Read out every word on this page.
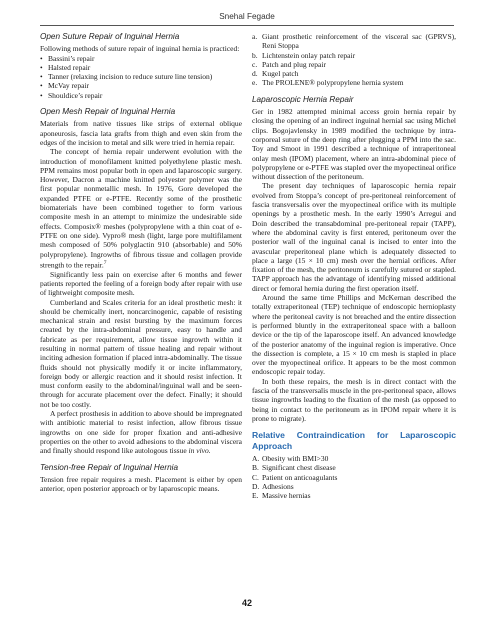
Snehal Fegade
Open Suture Repair of Inguinal Hernia

Following methods of suture repair of inguinal hernia is practiced:

• Bassini’s repair
• Halsted repair
• Tanner (relaxing incision to reduce suture line tension)
• McVay repair
• Shouldice’s repair
Open Mesh Repair of Inguinal Hernia

Materials from native tissues like strips of external oblique aponeurosis, fascia lata grafts from thigh and even skin from the edges of the incision to metal and silk were tried in hernia repair.

The concept of hernia repair underwent evolution with the introduction of monofilament knitted polyethylene plastic mesh. PPM remains most popular both in open and laparoscopic surgery. However, Dacron a machine knitted polyester polymer was the first popular nonmetallic mesh. In 1976, Gore developed the expanded PTFE or e-PTFE. Recently some of the prosthetic biomaterials have been combined together to form various composite mesh in an attempt to minimize the undesirable side effects. Composix® meshes (polypropylene with a thin coat of e-PTFE on one side). Vypro® mesh (light, large pore multifilament mesh composed of 50% polyglactin 910 (absorbable) and 50% polypropylene). Ingrowths of fibrous tissue and collagen provide strength to the repair.$^7$

Significantly less pain on exercise after 6 months and fewer patients reported the feeling of a foreign body after repair with use of lightweight composite mesh.

Cumberland and Scales criteria for an ideal prosthetic mesh: it should be chemically inert, noncarcinogenic, capable of resisting mechanical strain and resist bursting by the maximum forces created by the intra-abdominal pressure, easy to handle and fabricate as per requirement, allow tissue ingrowth within it resulting in normal pattern of tissue healing and repair without inciting adhesion formation if placed intra-abdominally. The tissue fluids should not physically modify it or incite inflammatory, foreign body or allergic reaction and it should resist infection. It must conform easily to the abdominal/inguinal wall and be seen-through for accurate placement over the defect. Finally; it should not be too costly.

A perfect prosthesis in addition to above should be impregnated with antibiotic material to resist infection, allow fibrous tissue ingrowths on one side for proper fixation and anti-adhesive properties on the other to avoid adhesions to the abdominal viscera and finally should respond like autologous tissue in vivo.

Tension-free Repair of Inguinal Hernia

Tension free repair requires a mesh. Placement is either by open anterior, open posterior approach or by laparoscopic means.

a. Giant prosthetic reinforcement of the visceral sac (GPRVS), Reni Stoppa
b. Lichtenstein onlay patch repair
c. Patch and plug repair
d. Kugel patch
e. The PROLENE® polypropylene hernia system
Laparoscopic Hernia Repair

Ger in 1982 attempted minimal access groin hernia repair by closing the opening of an indirect inguinal hernial sac using Michel clips. Bogojavlensky in 1989 modified the technique by intra-corporeal suture of the deep ring after plugging a PPM into the sac. Toy and Smoot in 1991 described a technique of intraperitoneal onlay mesh (IPOM) placement, where an intra-abdominal piece of polypropylene or e-PTFE was stapled over the myopectineal orifice without dissection of the peritoneum.

The present day techniques of laparoscopic hernia repair evolved from Stoppa’s concept of pre-peritoneal reinforcement of fascia transversalis over the myopectineal orifice with its multiple openings by a prosthetic mesh. In the early 1990’s Arregui and Doin described the transabdominal pre-peritoneal repair (TAPP), where the abdominal cavity is first entered, peritoneum over the posterior wall of the inguinal canal is incised to enter into the avascular preperitoneal plane which is adequately dissected to place a large (15 × 10 cm) mesh over the hernial orifices. After fixation of the mesh, the peritoneum is carefully sutured or stapled. TAPP approach has the advantage of identifying missed additional direct or femoral hernia during the first operation itself.

Around the same time Phillips and McKernan described the totally extraperitoneal (TEP) technique of endoscopic hernioplasty where the peritoneal cavity is not breached and the entire dissection is performed bluntly in the extraperitoneal space with a balloon device or the tip of the laparoscope itself. An advanced knowledge of the posterior anatomy of the inguinal region is imperative. Once the dissection is complete, a 15 × 10 cm mesh is stapled in place over the myopectineal orifice. It appears to be the most common endoscopic repair today.

In both these repairs, the mesh is in direct contact with the fascia of the transversalis muscle in the pre-peritoneal space, allows tissue ingrowths leading to the fixation of the mesh (as opposed to being in contact to the peritoneum as in IPOM repair where it is prone to migrate).

Relative Contraindication for Laparoscopic Approach
A. Obesity with BMI>30
B. Significant chest disease
C. Patient on anticoagulants
D. Adhesions
E. Massive hernias
42
